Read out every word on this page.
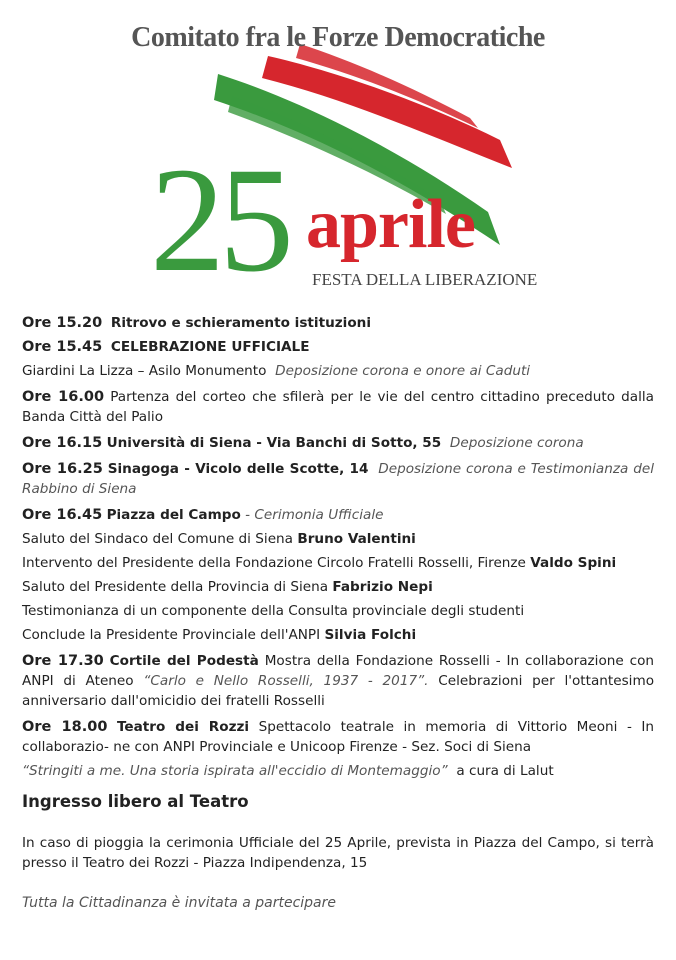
Comitato fra le Forze Democratiche
25 aprile
FESTA DELLA LIBERAZIONE

Ore 15.20 Ritrovo e schieramento istituzioni

Ore 15.45 CELEBRAZIONE UFFICIALE

Giardini La Lizza – Asilo Monumento Deposizione corona e onore ai Caduti

Ore 16.00 Partenza del corteo che sfilerà per le vie del centro cittadino preceduto dalla Banda Città del Palio

Ore 16.15 Università di Siena - Via Banchi di Sotto, 55 Deposizione corona

Ore 16.25 Sinagoga - Vicolo delle Scotte, 14 Deposizione corona e Testimonianza del Rabbino di Siena

Ore 16.45 Piazza del Campo - Cerimonia Ufficiale

Saluto del Sindaco del Comune di Siena Bruno Valentini

Intervento del Presidente della Fondazione Circolo Fratelli Rosselli, Firenze Valdo Spini

Saluto del Presidente della Provincia di Siena Fabrizio Nepi

Testimonianza di un componente della Consulta provinciale degli studenti

Conclude la Presidente Provinciale dell'ANPI Silvia Folchi

Ore 17.30 Cortile del Podestà Mostra della Fondazione Rosselli - In collaborazione con ANPI di Ateneo “Carlo e Nello Rosselli, 1937 - 2017”. Celebrazioni per l'ottantesimo anniversario dall'omicidio dei fratelli Rosselli

Ore 18.00 Teatro dei Rozzi Spettacolo teatrale in memoria di Vittorio Meoni - In collaborazio- ne con ANPI Provinciale e Unicoop Firenze - Sez. Soci di Siena

“Stringiti a me. Una storia ispirata all'eccidio di Montemaggio” a cura di Lalut

Ingresso libero al Teatro

In caso di pioggia la cerimonia Ufficiale del 25 Aprile, prevista in Piazza del Campo, si terrà presso il Teatro dei Rozzi - Piazza Indipendenza, 15

Tutta la Cittadinanza è invitata a partecipare
